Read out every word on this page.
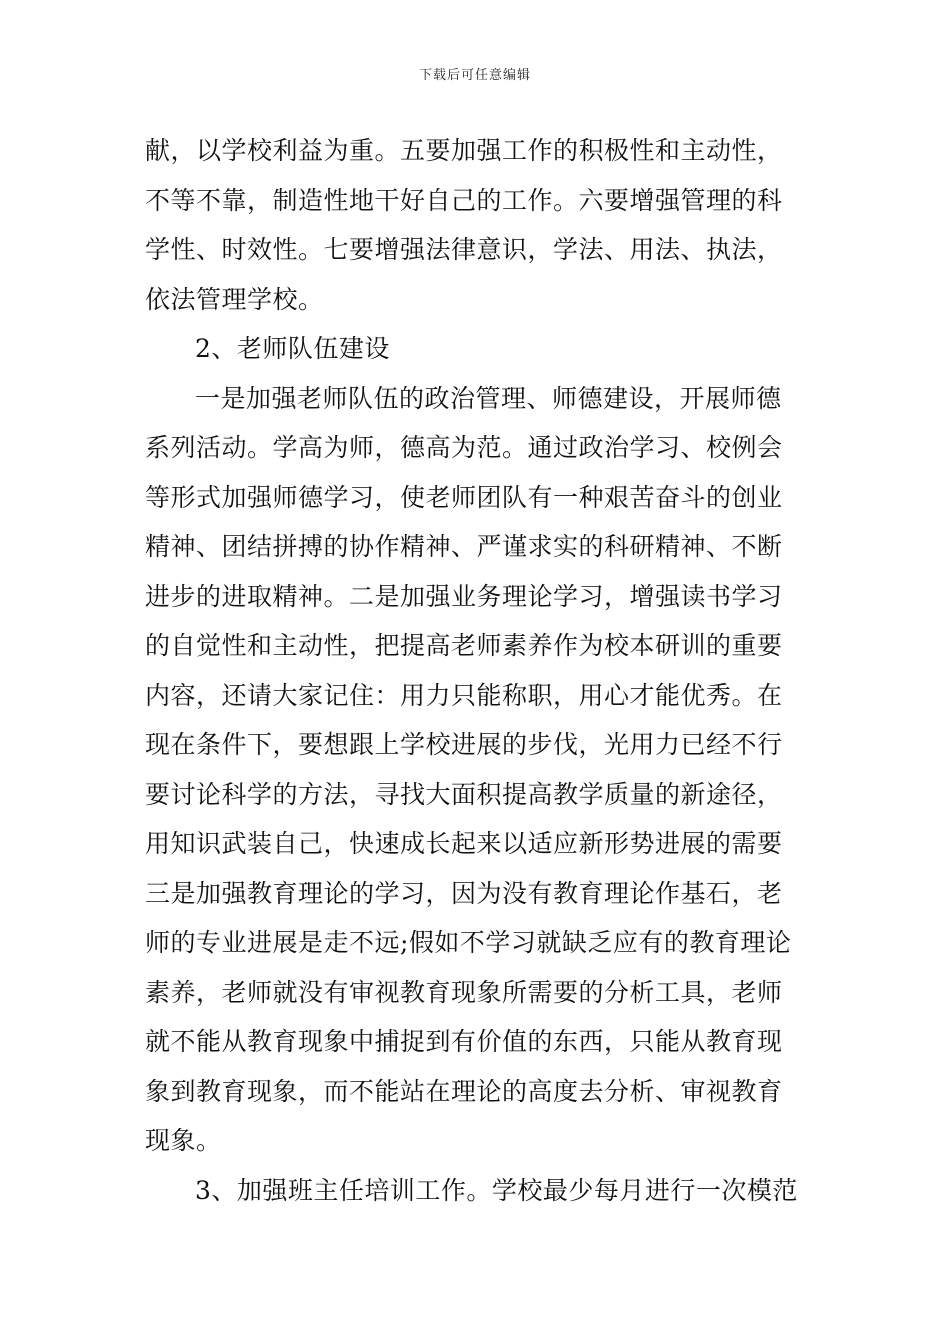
下载后可任意编辑
献，以学校利益为重。五要加强工作的积极性和主动性，
不等不靠，制造性地干好自己的工作。六要增强管理的科
学性、时效性。七要增强法律意识，学法、用法、执法，
依法管理学校。
2、老师队伍建设
一是加强老师队伍的政治管理、师德建设，开展师德
系列活动。学高为师，德高为范。通过政治学习、校例会
等形式加强师德学习，使老师团队有一种艰苦奋斗的创业
精神、团结拼搏的协作精神、严谨求实的科研精神、不断
进步的进取精神。二是加强业务理论学习，增强读书学习
的自觉性和主动性，把提高老师素养作为校本研训的重要
内容，还请大家记住：用力只能称职，用心才能优秀。在
现在条件下，要想跟上学校进展的步伐，光用力已经不行
要讨论科学的方法，寻找大面积提高教学质量的新途径，
用知识武装自己，快速成长起来以适应新形势进展的需要
三是加强教育理论的学习，因为没有教育理论作基石，老
师的专业进展是走不远;假如不学习就缺乏应有的教育理论
素养，老师就没有审视教育现象所需要的分析工具，老师
就不能从教育现象中捕捉到有价值的东西，只能从教育现
象到教育现象，而不能站在理论的高度去分析、审视教育
现象。
3、加强班主任培训工作。学校最少每月进行一次模范
